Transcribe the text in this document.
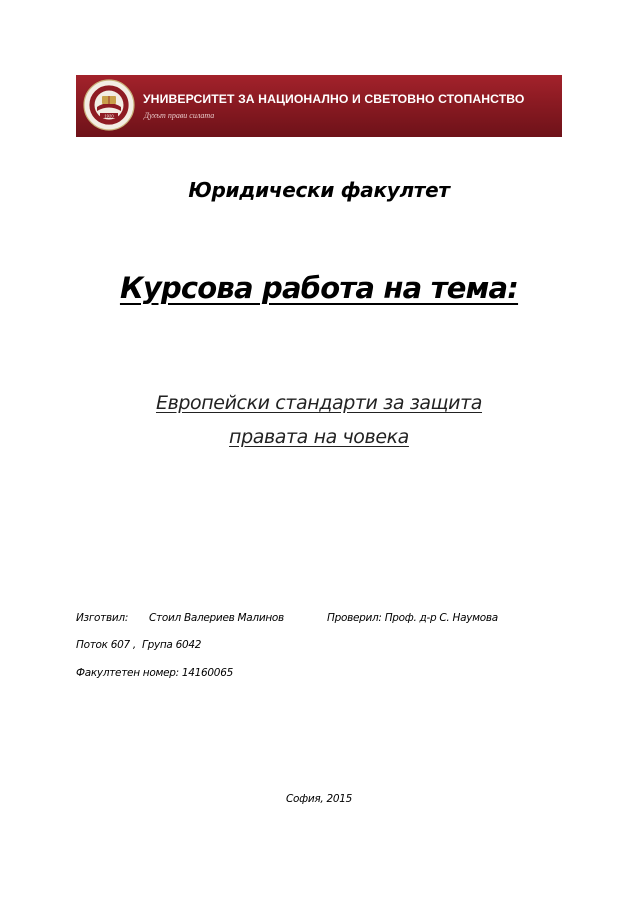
1920
УНИВЕРСИТЕТ ЗА НАЦИОНАЛНО И СВЕТОВНО СТОПАНСТВО
Духът прави силата
Юридически факултет
Курсова работа на тема:
Европейски стандарти за защита
правата на човека
Изготвил: Стоил Валериев Малинов	Проверил: Проф. д-р С. Наумова
Поток 607 ,  Група 6042
Факултетен номер: 14160065
София, 2015
